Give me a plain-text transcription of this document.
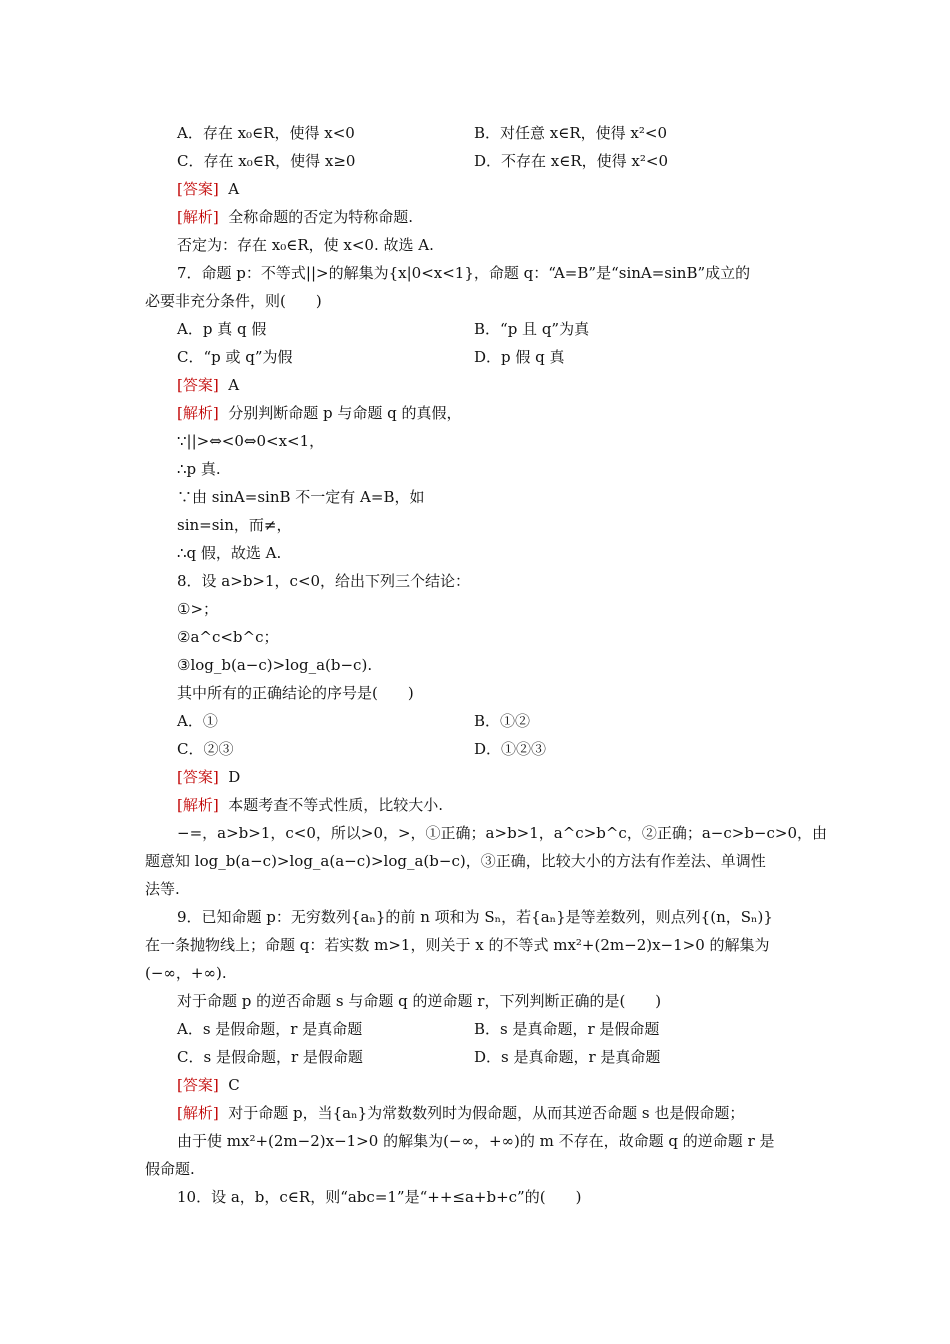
A．存在 x₀∈R，使得 x<0	B．对任意 x∈R，使得 x²<0
C．存在 x₀∈R，使得 x≥0	D．不存在 x∈R，使得 x²<0
[答案] A
[解析] 全称命题的否定为特称命题.
否定为：存在 x₀∈R，使 x<0. 故选 A.
7．命题 p：不等式||>的解集为{x|0<x<1}，命题 q：“A=B”是“sinA=sinB”成立的
必要非充分条件，则(　　)
A．p 真 q 假	B．“p 且 q”为真
C．“p 或 q”为假	D．p 假 q 真
[答案] A
[解析] 分别判断命题 p 与命题 q 的真假，
∵||>⇔<0⇔0<x<1，
∴p 真.
∵由 sinA=sinB 不一定有 A=B，如
sin=sin，而≠，
∴q 假，故选 A.
8．设 a>b>1，c<0，给出下列三个结论：
①>；
②a^c<b^c；
③log_b(a−c)>log_a(b−c).
其中所有的正确结论的序号是(　　)
A．①	B．①②
C．②③	D．①②③
[答案] D
[解析] 本题考查不等式性质，比较大小.
−=，a>b>1，c<0，所以>0，>，①正确；a>b>1，a^c>b^c，②正确；a−c>b−c>0，由
题意知 log_b(a−c)>log_a(a−c)>log_a(b−c)，③正确，比较大小的方法有作差法、单调性
法等.
9．已知命题 p：无穷数列{aₙ}的前 n 项和为 Sₙ，若{aₙ}是等差数列，则点列{(n，Sₙ)}
在一条抛物线上；命题 q：若实数 m>1，则关于 x 的不等式 mx²+(2m−2)x−1>0 的解集为
(−∞，+∞).
对于命题 p 的逆否命题 s 与命题 q 的逆命题 r，下列判断正确的是(　　)
A．s 是假命题，r 是真命题	B．s 是真命题，r 是假命题
C．s 是假命题，r 是假命题	D．s 是真命题，r 是真命题
[答案] C
[解析] 对于命题 p，当{aₙ}为常数数列时为假命题，从而其逆否命题 s 也是假命题；
由于使 mx²+(2m−2)x−1>0 的解集为(−∞，+∞)的 m 不存在，故命题 q 的逆命题 r 是
假命题.
10．设 a，b，c∈R，则“abc=1”是“++≤a+b+c”的(　　)
